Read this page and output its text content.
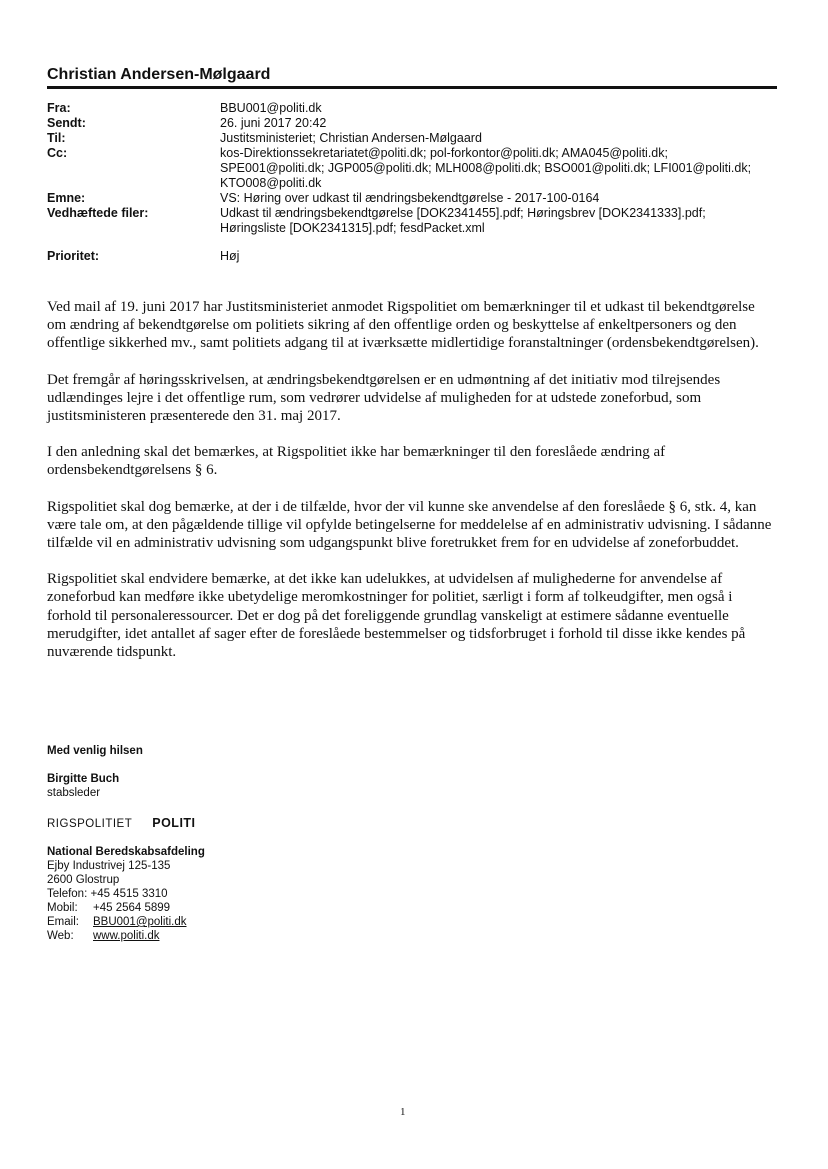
Christian Andersen-Mølgaard
Fra:	BBU001@politi.dk
Sendt:	26. juni 2017 20:42
Til:	Justitsministeriet; Christian Andersen-Mølgaard
Cc:	kos-Direktionssekretariatet@politi.dk; pol-forkontor@politi.dk; AMA045@politi.dk; SPE001@politi.dk; JGP005@politi.dk; MLH008@politi.dk; BSO001@politi.dk; LFI001@politi.dk; KTO008@politi.dk
Emne:	VS: Høring over udkast til ændringsbekendtgørelse - 2017-100-0164
Vedhæftede filer:	Udkast til ændringsbekendtgørelse [DOK2341455].pdf; Høringsbrev [DOK2341333].pdf; Høringsliste [DOK2341315].pdf; fesdPacket.xml
Prioritet:	Høj

Ved mail af 19. juni 2017 har Justitsministeriet anmodet Rigspolitiet om bemærkninger til et udkast til bekendtgørelse om ændring af bekendtgørelse om politiets sikring af den offentlige orden og beskyttelse af enkeltpersoners og den offentlige sikkerhed mv., samt politiets adgang til at iværksætte midlertidige foranstaltninger (ordensbekendtgørelsen).

Det fremgår af høringsskrivelsen, at ændringsbekendtgørelsen er en udmøntning af det initiativ mod tilrejsendes udlændinges lejre i det offentlige rum, som vedrører udvidelse af muligheden for at udstede zoneforbud, som justitsministeren præsenterede den 31. maj 2017.

I den anledning skal det bemærkes, at Rigspolitiet ikke har bemærkninger til den foreslåede ændring af ordensbekendtgørelsens § 6.

Rigspolitiet skal dog bemærke, at der i de tilfælde, hvor der vil kunne ske anvendelse af den foreslåede § 6, stk. 4, kan være tale om, at den pågældende tillige vil opfylde betingelserne for meddelelse af en administrativ udvisning. I sådanne tilfælde vil en administrativ udvisning som udgangspunkt blive foretrukket frem for en udvidelse af zoneforbuddet.

Rigspolitiet skal endvidere bemærke, at det ikke kan udelukkes, at udvidelsen af mulighederne for anvendelse af zoneforbud kan medføre ikke ubetydelige meromkostninger for politiet, særligt i form af tolkeudgifter, men også i forhold til personaleressourcer. Det er dog på det foreliggende grundlag vanskeligt at estimere sådanne eventuelle merudgifter, idet antallet af sager efter de foreslåede bestemmelser og tidsforbruget i forhold til disse ikke kendes på nuværende tidspunkt.

Med venlig hilsen
Birgitte Buch
stabsleder
RIGSPOLITIET POLITI
National Beredskabsafdeling
Ejby Industrivej 125-135
2600 Glostrup
Telefon: +45 4515 3310
Mobil:	+45 2564 5899
Email:	BBU001@politi.dk
Web:	www.politi.dk
1
